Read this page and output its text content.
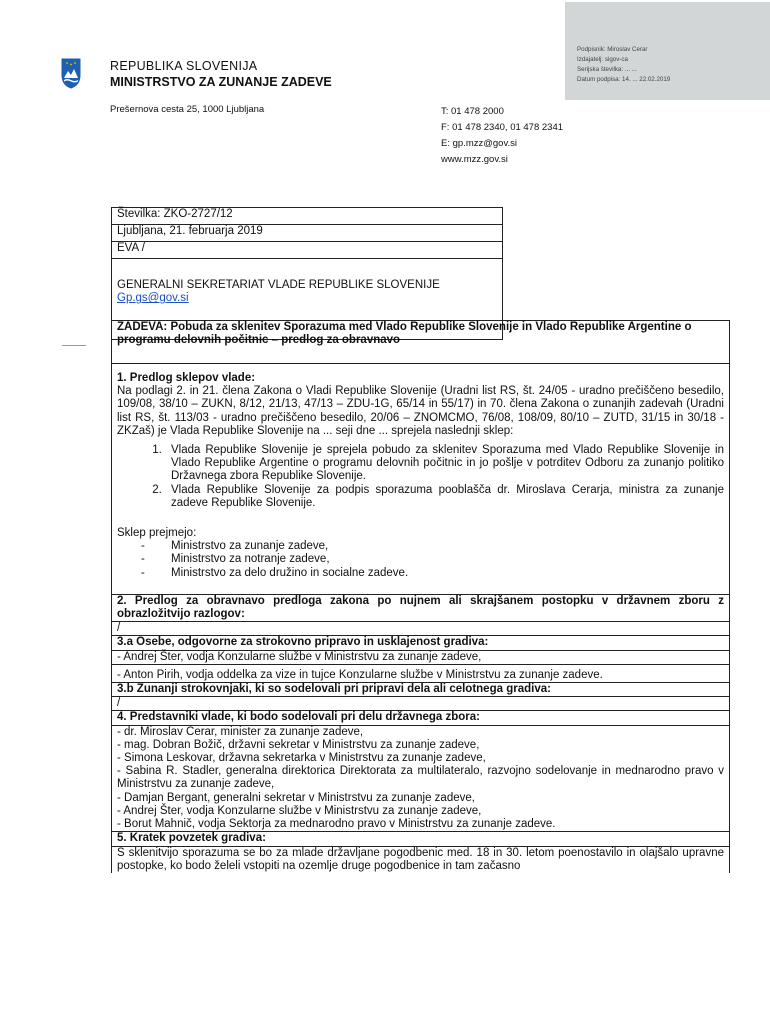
Podpisnik: Miroslav Cerar
Izdajatelj: sigov-ca
Serijska številka: ... ...
Datum podpisa: 14. ... 22.02.2019
REPUBLIKA SLOVENIJA
MINISTRSTVO ZA ZUNANJE ZADEVE
Prešernova cesta 25, 1000 Ljubljana	T: 01 478 2000
F: 01 478 2340, 01 478 2341
E: gp.mzz@gov.si
www.mzz.gov.si
Številka: ZKO-2727/12
Ljubljana, 21. februarja 2019
EVA /

GENERALNI SEKRETARIAT VLADE REPUBLIKE SLOVENIJE
Gp.gs@gov.si
ZADEVA: Pobuda za sklenitev Sporazuma med Vlado Republike Slovenije in Vlado Republike Argentine o programu delovnih počitnic – predlog za obravnavo

1. Predlog sklepov vlade:
Na podlagi 2. in 21. člena Zakona o Vladi Republike Slovenije (Uradni list RS, št. 24/05 - uradno prečiščeno besedilo, 109/08, 38/10 – ZUKN, 8/12, 21/13, 47/13 – ZDU-1G, 65/14 in 55/17) in 70. člena Zakona o zunanjih zadevah (Uradni list RS, št. 113/03 - uradno prečiščeno besedilo, 20/06 – ZNOMCMO, 76/08, 108/09, 80/10 – ZUTD, 31/15 in 30/18 - ZKZaš) je Vlada Republike Slovenije na ... seji dne ... sprejela naslednji sklep:
1. Vlada Republike Slovenije je sprejela pobudo za sklenitev Sporazuma med Vlado Republike Slovenije in Vlado Republike Argentine o programu delovnih počitnic in jo pošlje v potrditev Odboru za zunanjo politiko Državnega zbora Republike Slovenije.
2. Vlada Republike Slovenije za podpis sporazuma pooblašča dr. Miroslava Cerarja, ministra za zunanje zadeve Republike Slovenije.
Sklep prejmejo:
- Ministrstvo za zunanje zadeve,
- Ministrstvo za notranje zadeve,
- Ministrstvo za delo družino in socialne zadeve.

2. Predlog za obravnavo predloga zakona po nujnem ali skrajšanem postopku v državnem zboru z obrazložitvijo razlogov:
/
3.a Osebe, odgovorne za strokovno pripravo in usklajenost gradiva:
- Andrej Šter, vodja Konzularne službe v Ministrstvu za zunanje zadeve,
- Anton Pirih, vodja oddelka za vize in tujce Konzularne službe v Ministrstvu za zunanje zadeve.
3.b Zunanji strokovnjaki, ki so sodelovali pri pripravi dela ali celotnega gradiva:
/
4. Predstavniki vlade, ki bodo sodelovali pri delu državnega zbora:

- dr. Miroslav Cerar, minister za zunanje zadeve,
- mag. Dobran Božič, državni sekretar v Ministrstvu za zunanje zadeve,
- Simona Leskovar, državna sekretarka v Ministrstvu za zunanje zadeve,
- Sabina R. Stadler, generalna direktorica Direktorata za multilateralo, razvojno sodelovanje in mednarodno pravo v Ministrstvu za zunanje zadeve,
- Damjan Bergant, generalni sekretar v Ministrstvu za zunanje zadeve,
- Andrej Šter, vodja Konzularne službe v Ministrstvu za zunanje zadeve,
- Borut Mahnič, vodja Sektorja za mednarodno pravo v Ministrstvu za zunanje zadeve.

5. Kratek povzetek gradiva:
S sklenitvijo sporazuma se bo za mlade državljane pogodbenic med. 18 in 30. letom poenostavilo in olajšalo upravne postopke, ko bodo želeli vstopiti na ozemlje druge pogodbenice in tam začasno
